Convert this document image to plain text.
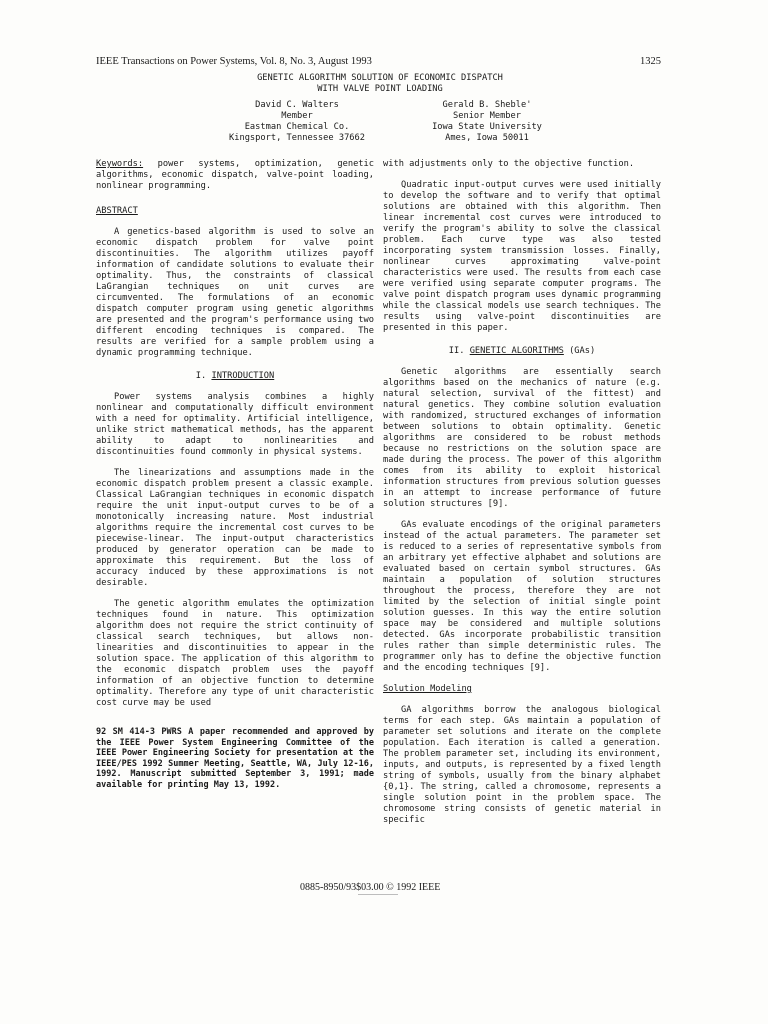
IEEE Transactions on Power Systems, Vol. 8, No. 3, August 1993	1325
GENETIC ALGORITHM SOLUTION OF ECONOMIC DISPATCH
WITH VALVE POINT LOADING
David C. Walters
Member
Eastman Chemical Co.
Kingsport, Tennessee 37662
Gerald B. Sheble'
Senior Member
Iowa State University
Ames, Iowa 50011

Keywords: power systems, optimization, genetic algorithms, economic dispatch, valve-point loading, nonlinear programming.

ABSTRACT

A genetics-based algorithm is used to solve an economic dispatch problem for valve point discontinuities. The algorithm utilizes payoff information of candidate solutions to evaluate their optimality. Thus, the constraints of classical LaGrangian techniques on unit curves are circumvented. The formulations of an economic dispatch computer program using genetic algorithms are presented and the program's performance using two different encoding techniques is compared. The results are verified for a sample problem using a dynamic programming technique.

I. INTRODUCTION

Power systems analysis combines a highly nonlinear and computationally difficult environment with a need for optimality. Artificial intelligence, unlike strict mathematical methods, has the apparent ability to adapt to nonlinearities and discontinuities found commonly in physical systems.

The linearizations and assumptions made in the economic dispatch problem present a classic example. Classical LaGrangian techniques in economic dispatch require the unit input-output curves to be of a monotonically increasing nature. Most industrial algorithms require the incremental cost curves to be piecewise-linear. The input-output characteristics produced by generator operation can be made to approximate this requirement. But the loss of accuracy induced by these approximations is not desirable.

The genetic algorithm emulates the optimization techniques found in nature. This optimization algorithm does not require the strict continuity of classical search techniques, but allows non-linearities and discontinuities to appear in the solution space. The application of this algorithm to the economic dispatch problem uses the payoff information of an objective function to determine optimality. Therefore any type of unit characteristic cost curve may be used

92 SM 414-3 PWRS A paper recommended and approved by the IEEE Power System Engineering Committee of the IEEE Power Engineering Society for presentation at the IEEE/PES 1992 Summer Meeting, Seattle, WA, July 12-16, 1992. Manuscript submitted September 3, 1991; made available for printing May 13, 1992.

with adjustments only to the objective function.

Quadratic input-output curves were used initially to develop the software and to verify that optimal solutions are obtained with this algorithm. Then linear incremental cost curves were introduced to verify the program's ability to solve the classical problem. Each curve type was also tested incorporating system transmission losses. Finally, nonlinear curves approximating valve-point characteristics were used. The results from each case were verified using separate computer programs. The valve point dispatch program uses dynamic programming while the classical models use search techniques. The results using valve-point discontinuities are presented in this paper.

II. GENETIC ALGORITHMS (GAs)

Genetic algorithms are essentially search algorithms based on the mechanics of nature (e.g. natural selection, survival of the fittest) and natural genetics. They combine solution evaluation with randomized, structured exchanges of information between solutions to obtain optimality. Genetic algorithms are considered to be robust methods because no restrictions on the solution space are made during the process. The power of this algorithm comes from its ability to exploit historical information structures from previous solution guesses in an attempt to increase performance of future solution structures [9].

GAs evaluate encodings of the original parameters instead of the actual parameters. The parameter set is reduced to a series of representative symbols from an arbitrary yet effective alphabet and solutions are evaluated based on certain symbol structures. GAs maintain a population of solution structures throughout the process, therefore they are not limited by the selection of initial single point solution guesses. In this way the entire solution space may be considered and multiple solutions detected. GAs incorporate probabilistic transition rules rather than simple deterministic rules. The programmer only has to define the objective function and the encoding techniques [9].

Solution Modeling

GA algorithms borrow the analogous biological terms for each step. GAs maintain a population of parameter set solutions and iterate on the complete population. Each iteration is called a generation. The problem parameter set, including its environment, inputs, and outputs, is represented by a fixed length string of symbols, usually from the binary alphabet {0,1}. The string, called a chromosome, represents a single solution point in the problem space. The chromosome string consists of genetic material in specific

0885-8950/93$03.00 © 1992 IEEE
